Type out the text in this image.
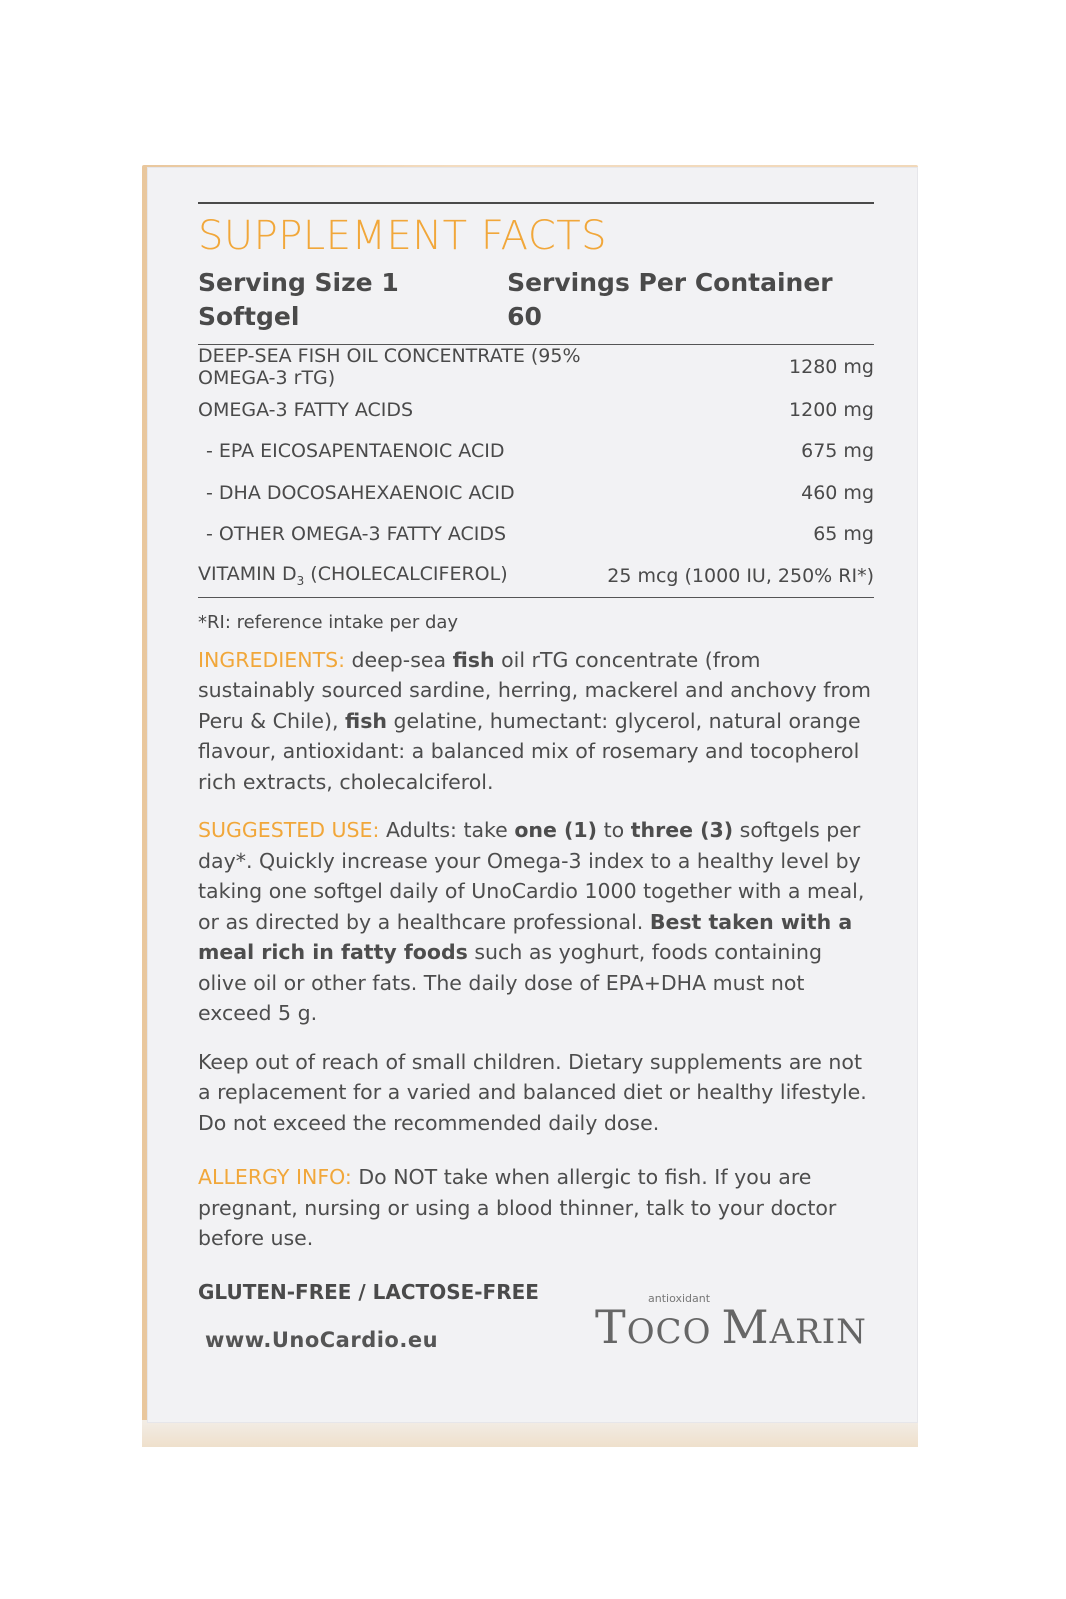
SUPPLEMENT FACTS
Serving Size 1 Softgel
Servings Per Container 60
DEEP-SEA FISH OIL CONCENTRATE (95% OMEGA-3 rTG)	1280 mg
OMEGA-3 FATTY ACIDS	1200 mg
- EPA EICOSAPENTAENOIC ACID	675 mg
- DHA DOCOSAHEXAENOIC ACID	460 mg
- OTHER OMEGA-3 FATTY ACIDS	65 mg
VITAMIN $D_3$ (CHOLECALCIFEROL)	25 mcg (1000 IU, 250% RI*)
*RI: reference intake per day

INGREDIENTS: deep-sea fish oil rTG concentrate (from sustainably sourced sardine, herring, mackerel and anchovy from Peru & Chile), fish gelatine, humectant: glycerol, natural orange flavour, antioxidant: a balanced mix of rosemary and tocopherol rich extracts, cholecalciferol.

SUGGESTED USE: Adults: take one (1) to three (3) softgels per day*. Quickly increase your Omega-3 index to a healthy level by taking one softgel daily of UnoCardio 1000 together with a meal, or as directed by a healthcare professional. Best taken with a meal rich in fatty foods such as yoghurt, foods containing olive oil or other fats. The daily dose of EPA+DHA must not exceed 5 g.

Keep out of reach of small children. Dietary supplements are not a replacement for a varied and balanced diet or healthy lifestyle. Do not exceed the recommended daily dose.

ALLERGY INFO: Do NOT take when allergic to fish. If you are pregnant, nursing or using a blood thinner, talk to your doctor before use.

GLUTEN-FREE / LACTOSE-FREE
www.UnoCardio.eu
antioxidant
TOCO MARIN
